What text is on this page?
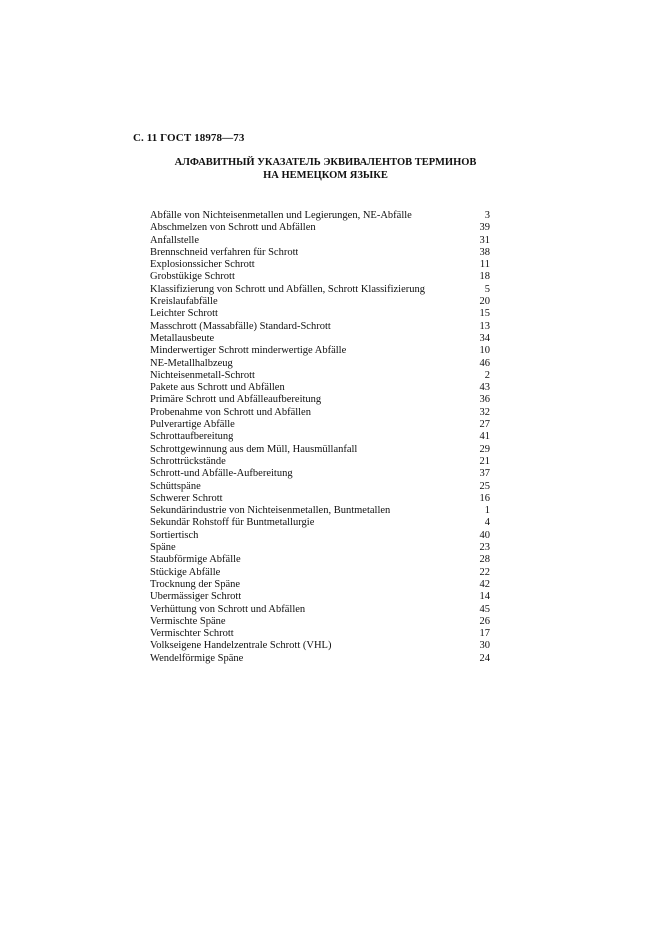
С. 11 ГОСТ 18978—73
АЛФАВИТНЫЙ УКАЗАТЕЛЬ ЭКВИВАЛЕНТОВ ТЕРМИНОВ
НА НЕМЕЦКОМ ЯЗЫКЕ
Abfälle von Nichteisenmetallen und Legierungen, NE-Abfälle	3
Abschmelzen von Schrott und Abfällen	39
Anfallstelle	31
Brennschneid verfahren für Schrott	38
Explosionssicher Schrott	11
Grobstükige Schrott	18
Klassifizierung von Schrott und Abfällen, Schrott Klassifizierung	5
Kreislaufabfälle	20
Leichter Schrott	15
Masschrott (Massabfälle) Standard-Schrott	13
Metallausbeute	34
Minderwertiger Schrott minderwertige Abfälle	10
NE-Metallhalbzeug	46
Nichteisenmetall-Schrott	2
Pakete aus Schrott und Abfällen	43
Primäre Schrott und Abfälleaufbereitung	36
Probenahme von Schrott und Abfällen	32
Pulverartige Abfälle	27
Schrottaufbereitung	41
Schrottgewinnung aus dem Müll, Hausmüllanfall	29
Schrottrückstände	21
Schrott-und Abfälle-Aufbereitung	37
Schüttspäne	25
Schwerer Schrott	16
Sekundärindustrie von Nichteisenmetallen, Buntmetallen	1
Sekundär Rohstoff für Buntmetallurgie	4
Sortiertisch	40
Späne	23
Staubförmige Abfälle	28
Stückige Abfälle	22
Trocknung der Späne	42
Ubermässiger Schrott	14
Verhüttung von Schrott und Abfällen	45
Vermischte Späne	26
Vermischter Schrott	17
Volkseigene Handelzentrale Schrott (VHL)	30
Wendelförmige Späne	24
